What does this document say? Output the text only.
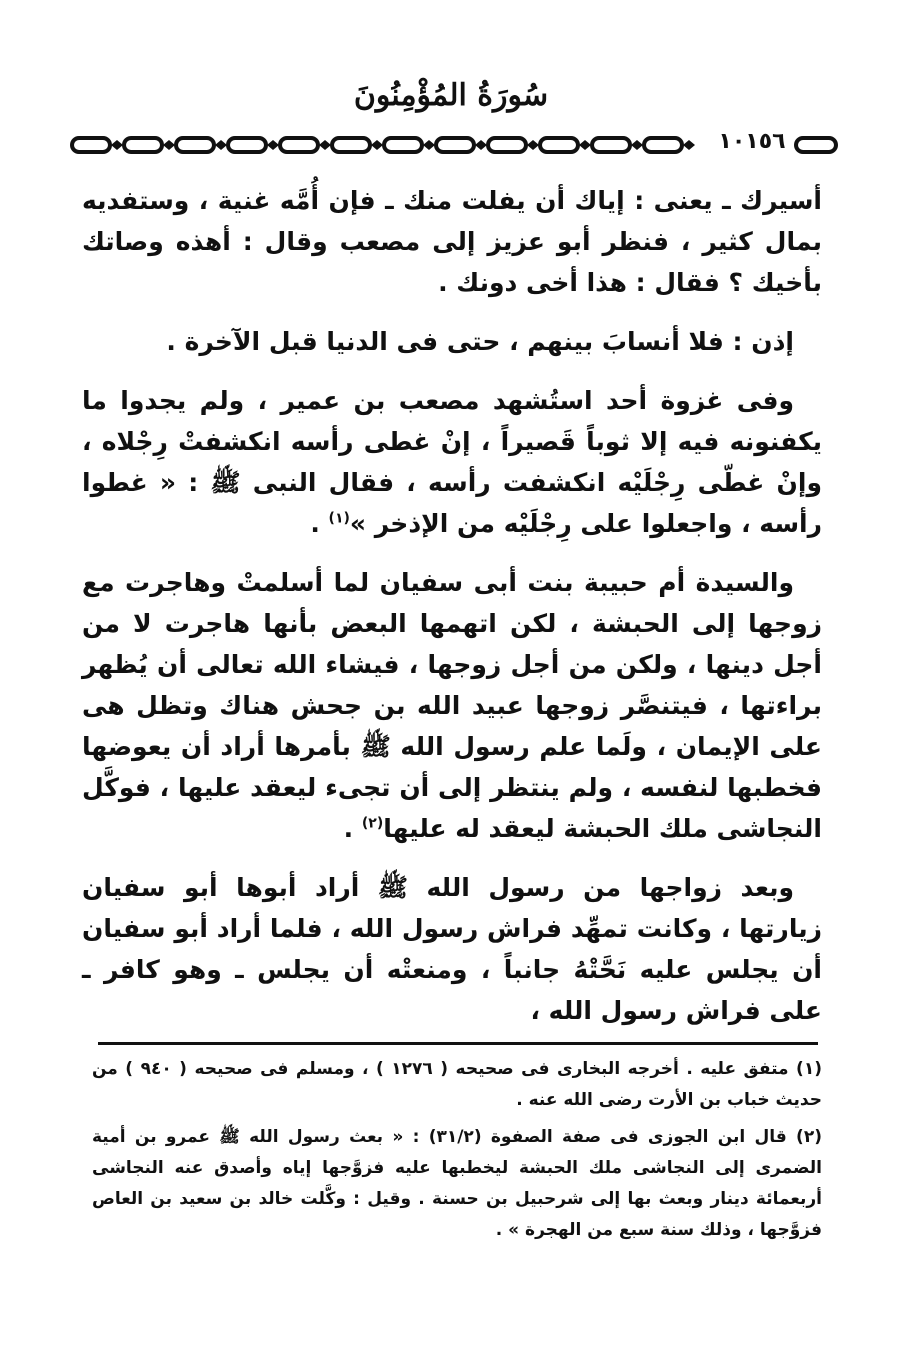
سُورَةُ المُؤْمِنُونَ
١٠١٥٦

أسيرك ـ يعنى : إياك أن يفلت منك ـ فإن أُمَّه غنية ، وستفديه بمال كثير ، فنظر أبو عزيز إلى مصعب وقال : أهذه وصاتك بأخيك ؟ فقال : هذا أخى دونك .

إذن : فلا أنسابَ بينهم ، حتى فى الدنيا قبل الآخرة .

وفى غزوة أحد استُشهد مصعب بن عمير ، ولم يجدوا ما يكفنونه فيه إلا ثوباً قَصيراً ، إنْ غطى رأسه انكشفتْ رِجْلاه ، وإنْ غطّى رِجْلَيْه انكشفت رأسه ، فقال النبى ﷺ : « غطوا رأسه ، واجعلوا على رِجْلَيْه من الإذخر »$^{(١)}$ .

والسيدة أم حبيبة بنت أبى سفيان لما أسلمتْ وهاجرت مع زوجها إلى الحبشة ، لكن اتهمها البعض بأنها هاجرت لا من أجل دينها ، ولكن من أجل زوجها ، فيشاء الله تعالى أن يُظهر براءتها ، فيتنصَّر زوجها عبيد الله بن جحش هناك وتظل هى على الإيمان ، ولَما علم رسول الله ﷺ بأمرها أراد أن يعوضها فخطبها لنفسه ، ولم ينتظر إلى أن تجىء ليعقد عليها ، فوكَّل النجاشى ملك الحبشة ليعقد له عليها$^{(٢)}$ .

وبعد زواجها من رسول الله ﷺ أراد أبوها أبو سفيان زيارتها ، وكانت تمهِّد فراش رسول الله ، فلما أراد أبو سفيان أن يجلس عليه نَحَّتْهُ جانباً ، ومنعتْه أن يجلس ـ وهو كافر ـ على فراش رسول الله ،

(١) متفق عليه . أخرجه البخارى فى صحيحه ( ١٢٧٦ ) ، ومسلم فى صحيحه ( ٩٤٠ ) من حديث خباب بن الأرت رضى الله عنه .

(٢) قال ابن الجوزى فى صفة الصفوة (٣١/٢) : « بعث رسول الله ﷺ عمرو بن أمية الضمرى إلى النجاشى ملك الحبشة ليخطبها عليه فزوَّجها إياه وأصدق عنه النجاشى أربعمائة دينار وبعث بها إلى شرحبيل بن حسنة . وقيل : وكَّلت خالد بن سعيد بن العاص فزوَّجها ، وذلك سنة سبع من الهجرة » .
